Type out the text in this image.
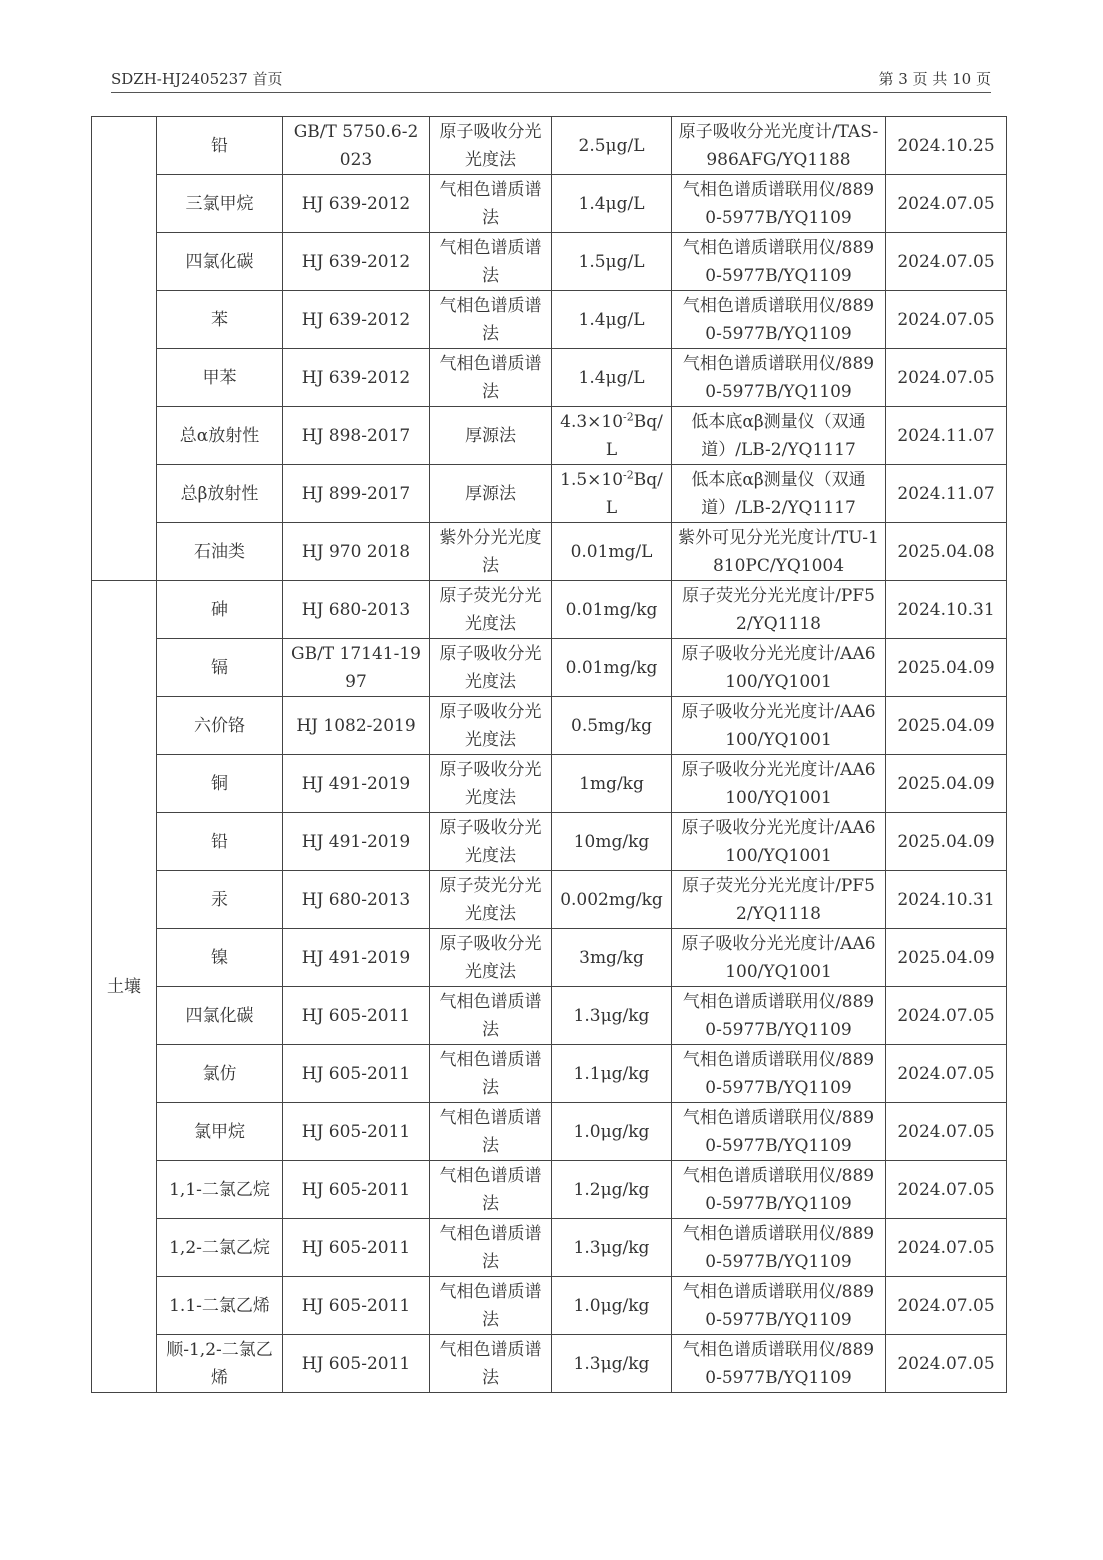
SDZH-HJ2405237 首页	第 3 页 共 10 页
	铅	GB/T 5750.6-2023	原子吸收分光光度法	2.5μg/L	原子吸收分光光度计/TAS-986AFG/YQ1188	2024.10.25
	三氯甲烷	HJ 639-2012	气相色谱质谱法	1.4μg/L	气相色谱质谱联用仪/8890-5977B/YQ1109	2024.07.05
	四氯化碳	HJ 639-2012	气相色谱质谱法	1.5μg/L	气相色谱质谱联用仪/8890-5977B/YQ1109	2024.07.05
	苯	HJ 639-2012	气相色谱质谱法	1.4μg/L	气相色谱质谱联用仪/8890-5977B/YQ1109	2024.07.05
	甲苯	HJ 639-2012	气相色谱质谱法	1.4μg/L	气相色谱质谱联用仪/8890-5977B/YQ1109	2024.07.05
	总α放射性	HJ 898-2017	厚源法	$4.3\times 10^{-2}Bq/L$	低本底αβ测量仪（双通道）/LB-2/YQ1117	2024.11.07
	总β放射性	HJ 899-2017	厚源法	$1.5\times 10^{-2}Bq/L$	低本底αβ测量仪（双通道）/LB-2/YQ1117	2024.11.07
	石油类	HJ 970 2018	紫外分光光度法	0.01mg/L	紫外可见分光光度计/TU-1810PC/YQ1004	2025.04.08
土壤	砷	HJ 680-2013	原子荧光分光光度法	0.01mg/kg	原子荧光分光光度计/PF52/YQ1118	2024.10.31
	镉	GB/T 17141-1997	原子吸收分光光度法	0.01mg/kg	原子吸收分光光度计/AA6100/YQ1001	2025.04.09
	六价铬	HJ 1082-2019	原子吸收分光光度法	0.5mg/kg	原子吸收分光光度计/AA6100/YQ1001	2025.04.09
	铜	HJ 491-2019	原子吸收分光光度法	1mg/kg	原子吸收分光光度计/AA6100/YQ1001	2025.04.09
	铅	HJ 491-2019	原子吸收分光光度法	10mg/kg	原子吸收分光光度计/AA6100/YQ1001	2025.04.09
	汞	HJ 680-2013	原子荧光分光光度法	0.002mg/kg	原子荧光分光光度计/PF52/YQ1118	2024.10.31
	镍	HJ 491-2019	原子吸收分光光度法	3mg/kg	原子吸收分光光度计/AA6100/YQ1001	2025.04.09
	四氯化碳	HJ 605-2011	气相色谱质谱法	1.3μg/kg	气相色谱质谱联用仪/8890-5977B/YQ1109	2024.07.05
	氯仿	HJ 605-2011	气相色谱质谱法	1.1μg/kg	气相色谱质谱联用仪/8890-5977B/YQ1109	2024.07.05
	氯甲烷	HJ 605-2011	气相色谱质谱法	1.0μg/kg	气相色谱质谱联用仪/8890-5977B/YQ1109	2024.07.05
	1,1-二氯乙烷	HJ 605-2011	气相色谱质谱法	1.2μg/kg	气相色谱质谱联用仪/8890-5977B/YQ1109	2024.07.05
	1,2-二氯乙烷	HJ 605-2011	气相色谱质谱法	1.3μg/kg	气相色谱质谱联用仪/8890-5977B/YQ1109	2024.07.05
	1.1-二氯乙烯	HJ 605-2011	气相色谱质谱法	1.0μg/kg	气相色谱质谱联用仪/8890-5977B/YQ1109	2024.07.05
	顺-1,2-二氯乙烯	HJ 605-2011	气相色谱质谱法	1.3μg/kg	气相色谱质谱联用仪/8890-5977B/YQ1109	2024.07.05
